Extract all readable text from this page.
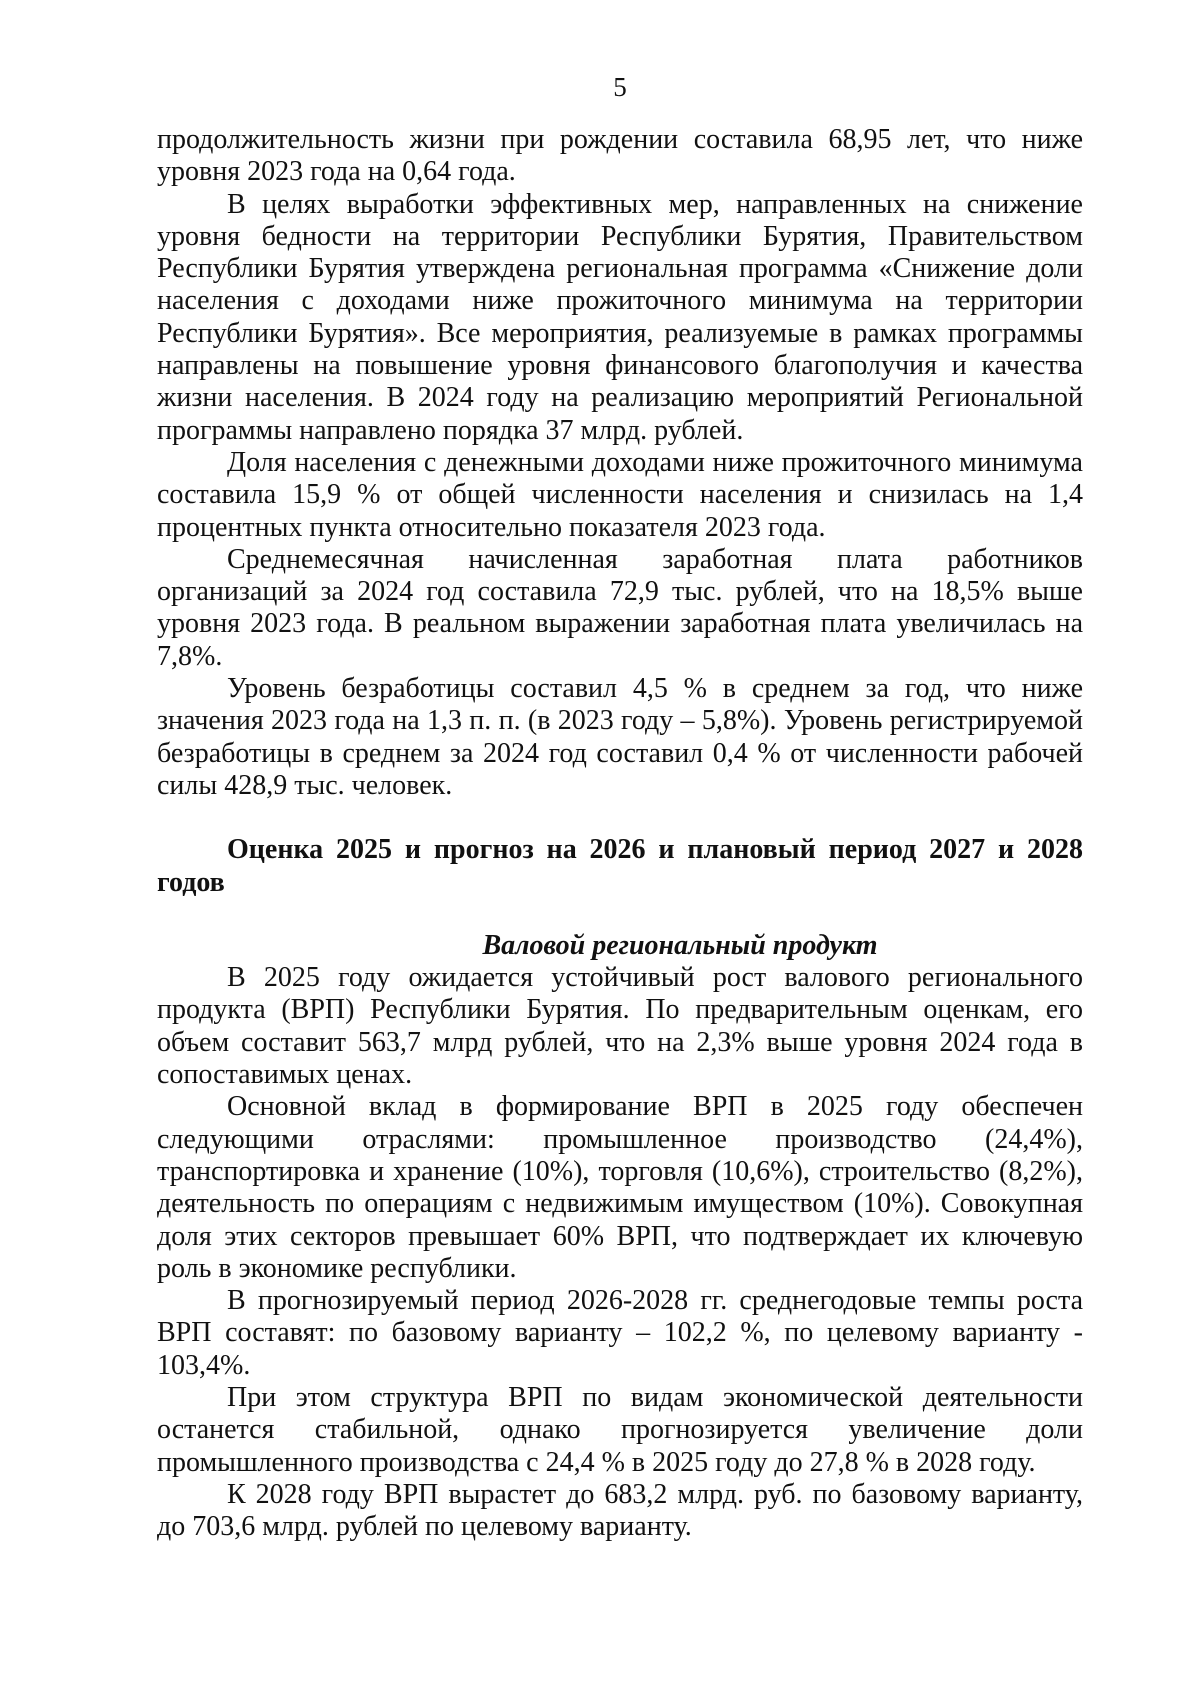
5

продолжительность жизни при рождении составила 68,95 лет, что ниже уровня 2023 года на 0,64 года.

В целях выработки эффективных мер, направленных на снижение уровня бедности на территории Республики Бурятия, Правительством Республики Бурятия утверждена региональная программа «Снижение доли населения с доходами ниже прожиточного минимума на территории Республики Бурятия». Все мероприятия, реализуемые в рамках программы направлены на повышение уровня финансового благополучия и качества жизни населения. В 2024 году на реализацию мероприятий Региональной программы направлено порядка 37 млрд. рублей.

Доля населения с денежными доходами ниже прожиточного минимума составила 15,9 % от общей численности населения и снизилась на 1,4 процентных пункта относительно показателя 2023 года.

Среднемесячная начисленная заработная плата работников организаций за 2024 год составила 72,9 тыс. рублей, что на 18,5% выше уровня 2023 года. В реальном выражении заработная плата увеличилась на 7,8%.

Уровень безработицы составил 4,5 % в среднем за год, что ниже значения 2023 года на 1,3 п. п. (в 2023 году – 5,8%). Уровень регистрируемой безработицы в среднем за 2024 год составил 0,4 % от численности рабочей силы 428,9 тыс. человек.

Оценка 2025 и прогноз на 2026 и плановый период 2027 и 2028 годов
Валовой региональный продукт

В 2025 году ожидается устойчивый рост валового регионального продукта (ВРП) Республики Бурятия. По предварительным оценкам, его объем составит 563,7 млрд рублей, что на 2,3% выше уровня 2024 года в сопоставимых ценах.

Основной вклад в формирование ВРП в 2025 году обеспечен следующими отраслями: промышленное производство (24,4%), транспортировка и хранение (10%), торговля (10,6%), строительство (8,2%), деятельность по операциям с недвижимым имуществом (10%). Совокупная доля этих секторов превышает 60% ВРП, что подтверждает их ключевую роль в экономике республики.

В прогнозируемый период 2026-2028 гг. среднегодовые темпы роста ВРП составят: по базовому варианту – 102,2 %, по целевому варианту - 103,4%.

При этом структура ВРП по видам экономической деятельности останется стабильной, однако прогнозируется увеличение доли промышленного производства с 24,4 % в 2025 году до 27,8 % в 2028 году.

К 2028 году ВРП вырастет до 683,2 млрд. руб. по базовому варианту, до 703,6 млрд. рублей по целевому варианту.
